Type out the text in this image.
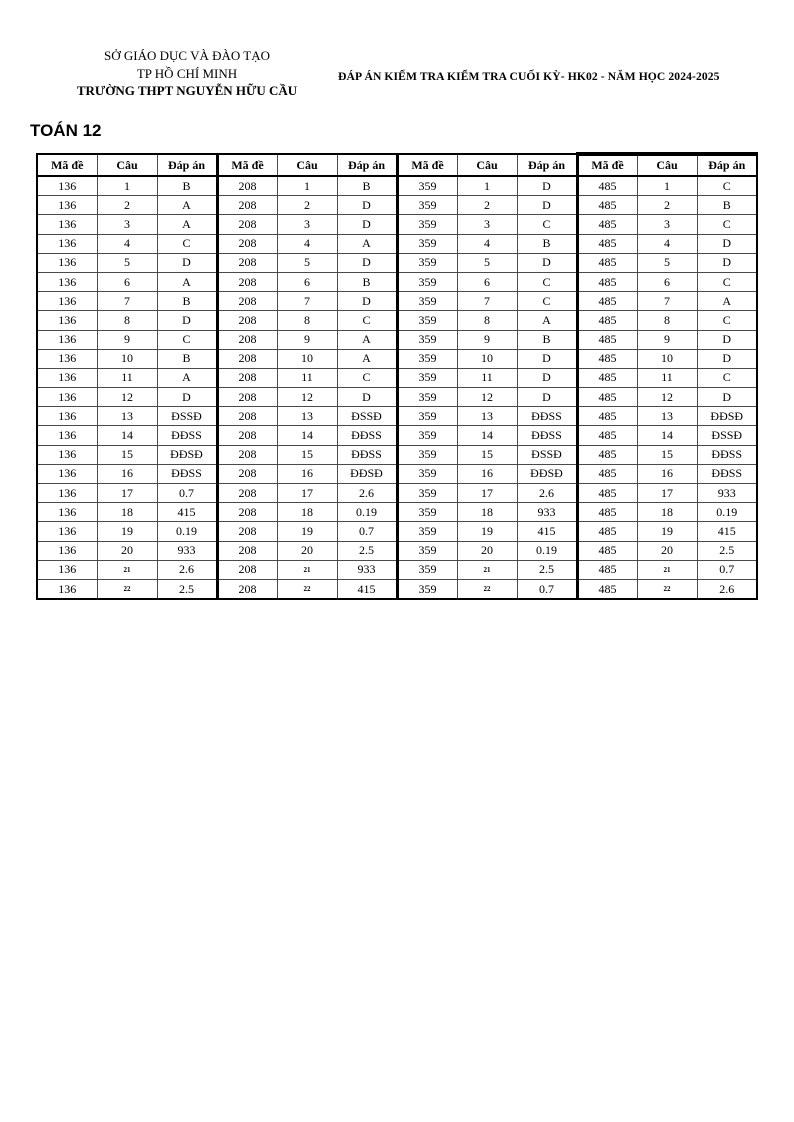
SỞ GIÁO DỤC VÀ ĐÀO TẠO
TP HỒ CHÍ MINH
TRƯỜNG THPT NGUYỄN HỮU CẦU
ĐÁP ÁN KIỂM TRA KIỂM TRA CUỐI KỲ- HK02 - NĂM HỌC 2024-2025
TOÁN 12
Mã đề	Câu	Đáp án	Mã đề	Câu	Đáp án	Mã đề	Câu	Đáp án	Mã đề	Câu	Đáp án
136	1	B	208	1	B	359	1	D	485	1	C
136	2	A	208	2	D	359	2	D	485	2	B
136	3	A	208	3	D	359	3	C	485	3	C
136	4	C	208	4	A	359	4	B	485	4	D
136	5	D	208	5	D	359	5	D	485	5	D
136	6	A	208	6	B	359	6	C	485	6	C
136	7	B	208	7	D	359	7	C	485	7	A
136	8	D	208	8	C	359	8	A	485	8	C
136	9	C	208	9	A	359	9	B	485	9	D
136	10	B	208	10	A	359	10	D	485	10	D
136	11	A	208	11	C	359	11	D	485	11	C
136	12	D	208	12	D	359	12	D	485	12	D
136	13	ĐSSĐ	208	13	ĐSSĐ	359	13	ĐĐSS	485	13	ĐĐSĐ
136	14	ĐĐSS	208	14	ĐĐSS	359	14	ĐĐSS	485	14	ĐSSĐ
136	15	ĐĐSĐ	208	15	ĐĐSS	359	15	ĐSSĐ	485	15	ĐĐSS
136	16	ĐĐSS	208	16	ĐĐSĐ	359	16	ĐĐSĐ	485	16	ĐĐSS
136	17	0.7	208	17	2.6	359	17	2.6	485	17	933
136	18	415	208	18	0.19	359	18	933	485	18	0.19
136	19	0.19	208	19	0.7	359	19	415	485	19	415
136	20	933	208	20	2.5	359	20	0.19	485	20	2.5
136	21	2.6	208	21	933	359	21	2.5	485	21	0.7
136	22	2.5	208	22	415	359	22	0.7	485	22	2.6
